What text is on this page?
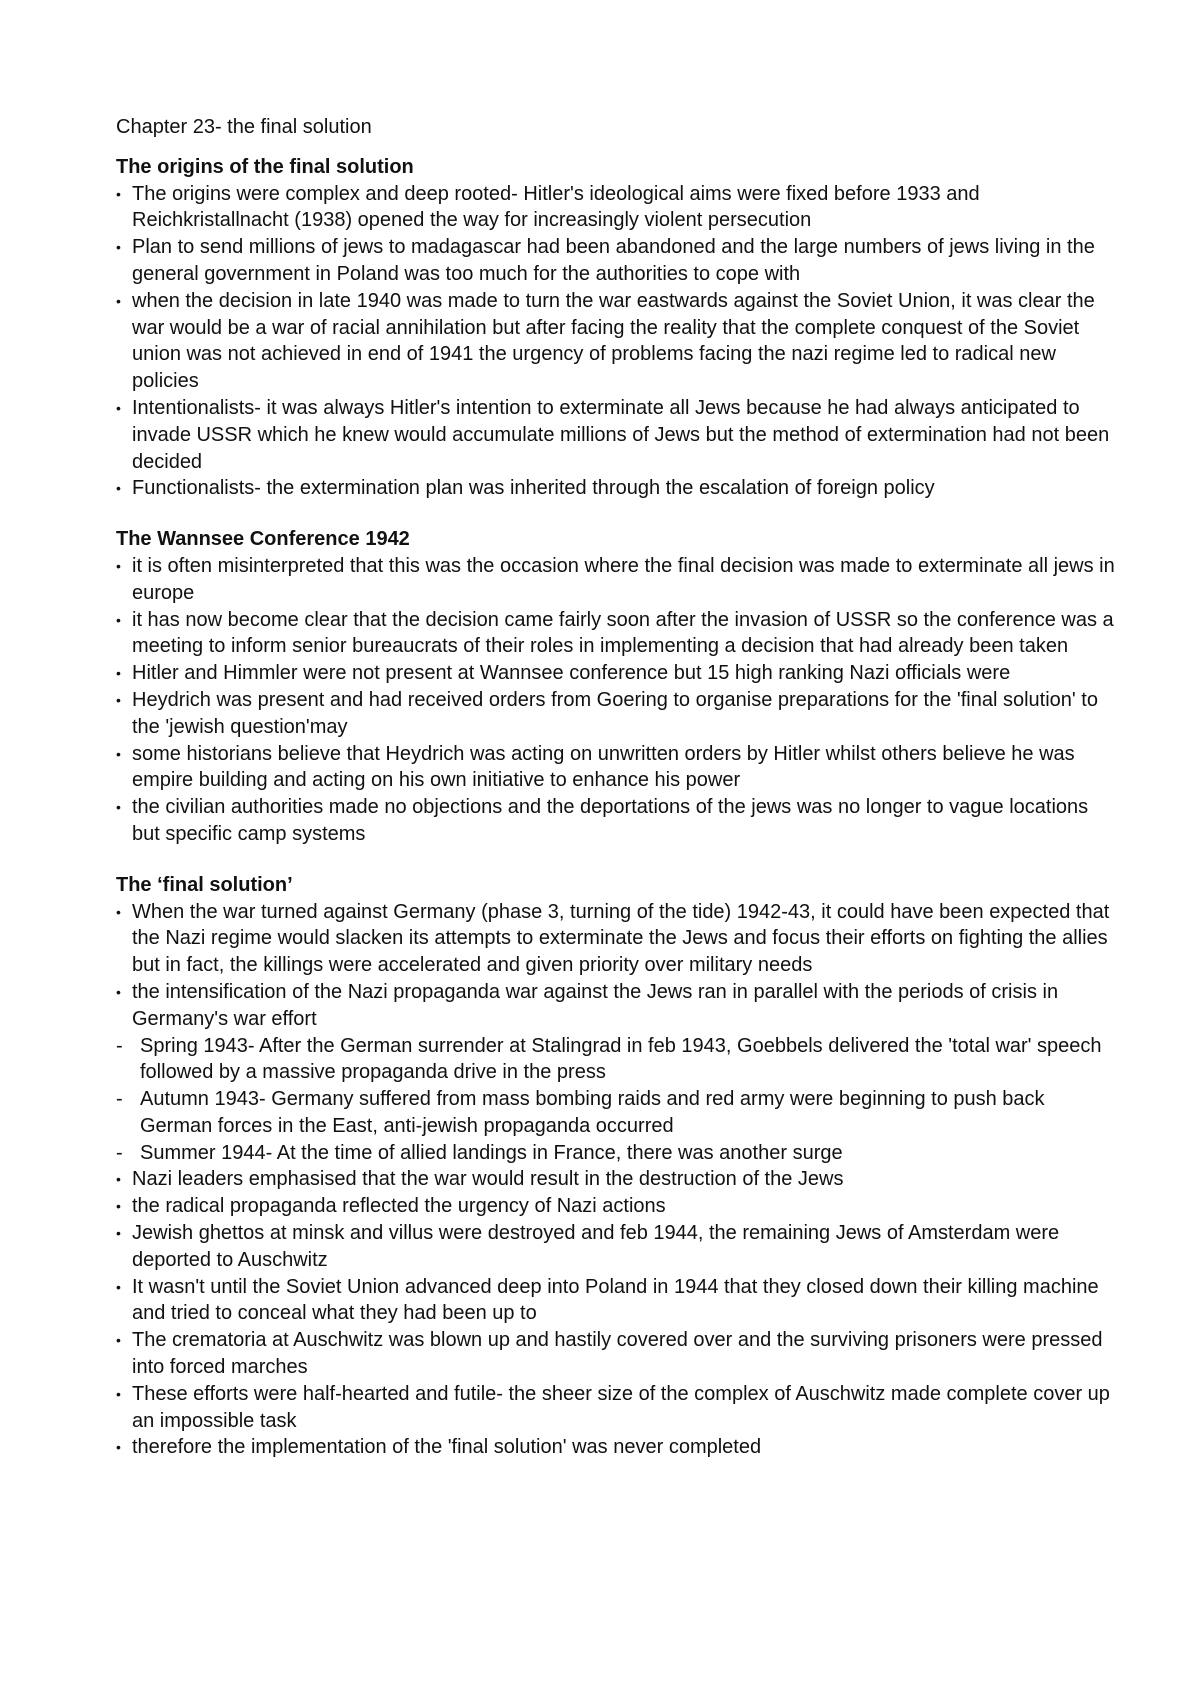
Chapter 23- the final solution
The origins of the final solution
• The origins were complex and deep rooted- Hitler's ideological aims were fixed before 1933 and Reichkristallnacht (1938) opened the way for increasingly violent persecution
• Plan to send millions of jews to madagascar had been abandoned and the large numbers of jews living in the general government in Poland was too much for the authorities to cope with
• when the decision in late 1940 was made to turn the war eastwards against the Soviet Union, it was clear the war would be a war of racial annihilation but after facing the reality that the complete conquest of the Soviet union was not achieved in end of 1941 the urgency of problems facing the nazi regime led to radical new policies
• Intentionalists- it was always Hitler's intention to exterminate all Jews because he had always anticipated to invade USSR which he knew would accumulate millions of Jews but the method of extermination had not been decided
• Functionalists- the extermination plan was inherited through the escalation of foreign policy
The Wannsee Conference 1942
• it is often misinterpreted that this was the occasion where the final decision was made to exterminate all jews in europe
• it has now become clear that the decision came fairly soon after the invasion of USSR so the conference was a meeting to inform senior bureaucrats of their roles in implementing a decision that had already been taken
• Hitler and Himmler were not present at Wannsee conference but 15 high ranking Nazi officials were
• Heydrich was present and had received orders from Goering to organise preparations for the 'final solution' to the 'jewish question'may
• some historians believe that Heydrich was acting on unwritten orders by Hitler whilst others believe he was empire building and acting on his own initiative to enhance his power
• the civilian authorities made no objections and the deportations of the jews was no longer to vague locations but specific camp systems
The ‘final solution’
• When the war turned against Germany (phase 3, turning of the tide) 1942-43, it could have been expected that the Nazi regime would slacken its attempts to exterminate the Jews and focus their efforts on fighting the allies but in fact, the killings were accelerated and given priority over military needs
• the intensification of the Nazi propaganda war against the Jews ran in parallel with the periods of crisis in Germany's war effort
- Spring 1943- After the German surrender at Stalingrad in feb 1943, Goebbels delivered the 'total war' speech followed by a massive propaganda drive in the press
- Autumn 1943- Germany suffered from mass bombing raids and red army were beginning to push back German forces in the East, anti-jewish propaganda occurred
- Summer 1944- At the time of allied landings in France, there was another surge
• Nazi leaders emphasised that the war would result in the destruction of the Jews
• the radical propaganda reflected the urgency of Nazi actions
• Jewish ghettos at minsk and villus were destroyed and feb 1944, the remaining Jews of Amsterdam were deported to Auschwitz
• It wasn't until the Soviet Union advanced deep into Poland in 1944 that they closed down their killing machine and tried to conceal what they had been up to
• The crematoria at Auschwitz was blown up and hastily covered over and the surviving prisoners were pressed into forced marches
• These efforts were half-hearted and futile- the sheer size of the complex of Auschwitz made complete cover up an impossible task
• therefore the implementation of the 'final solution' was never completed
